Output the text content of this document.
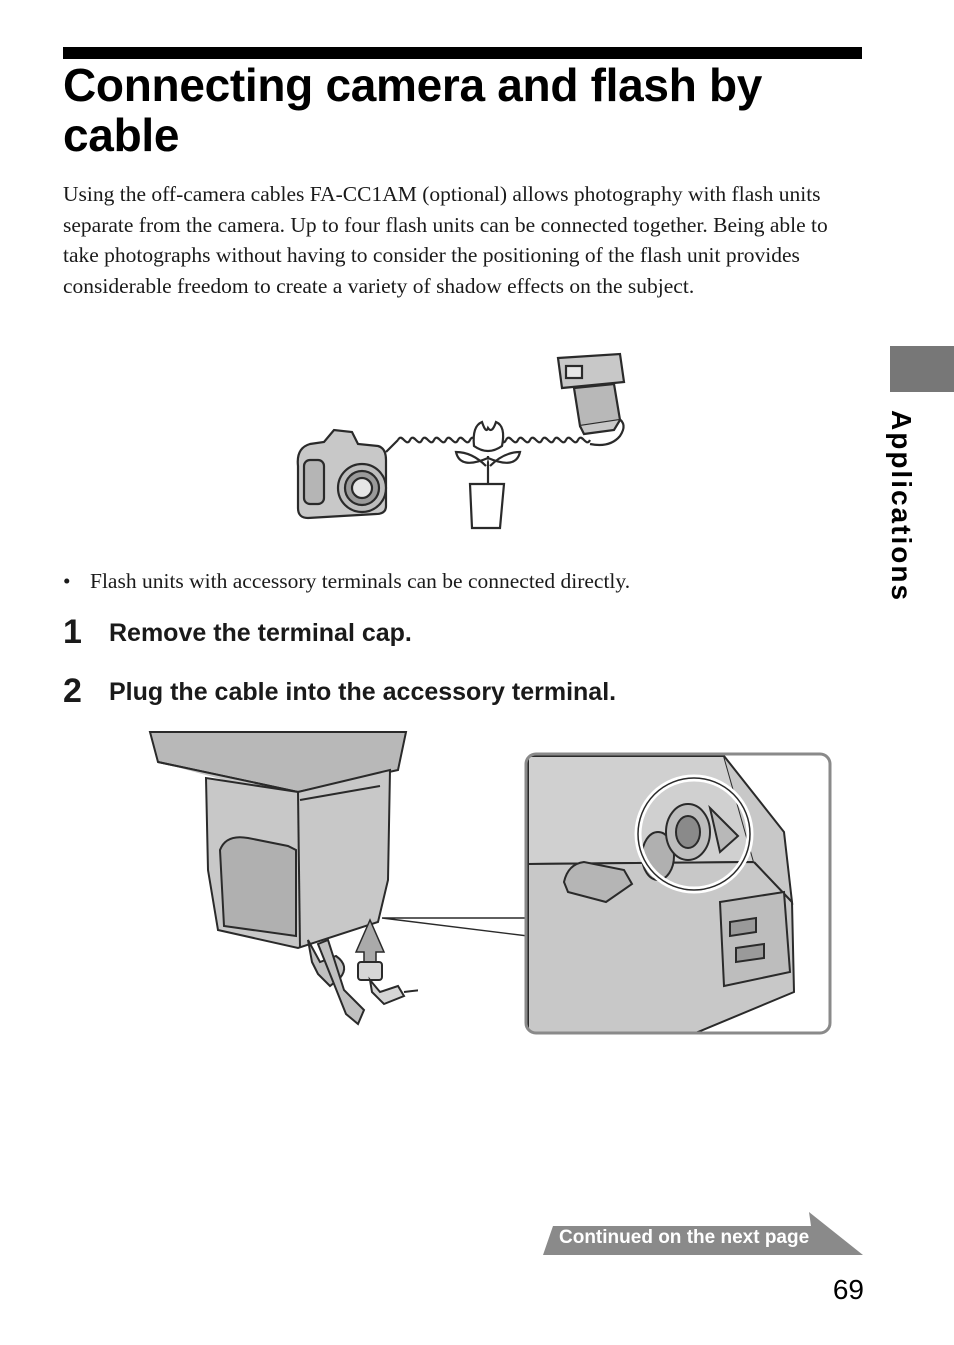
Connecting camera and flash by cable

Using the off-camera cables FA-CC1AM (optional) allows photography with flash units separate from the camera. Up to four flash units can be connected together. Being able to take photographs without having to consider the positioning of the flash unit provides considerable freedom to create a variety of shadow effects on the subject.

Applications

• Flash units with accessory terminals can be connected directly.

1 Remove the terminal cap.
2 Plug the cable into the accessory terminal.
Continued on the next page
69
